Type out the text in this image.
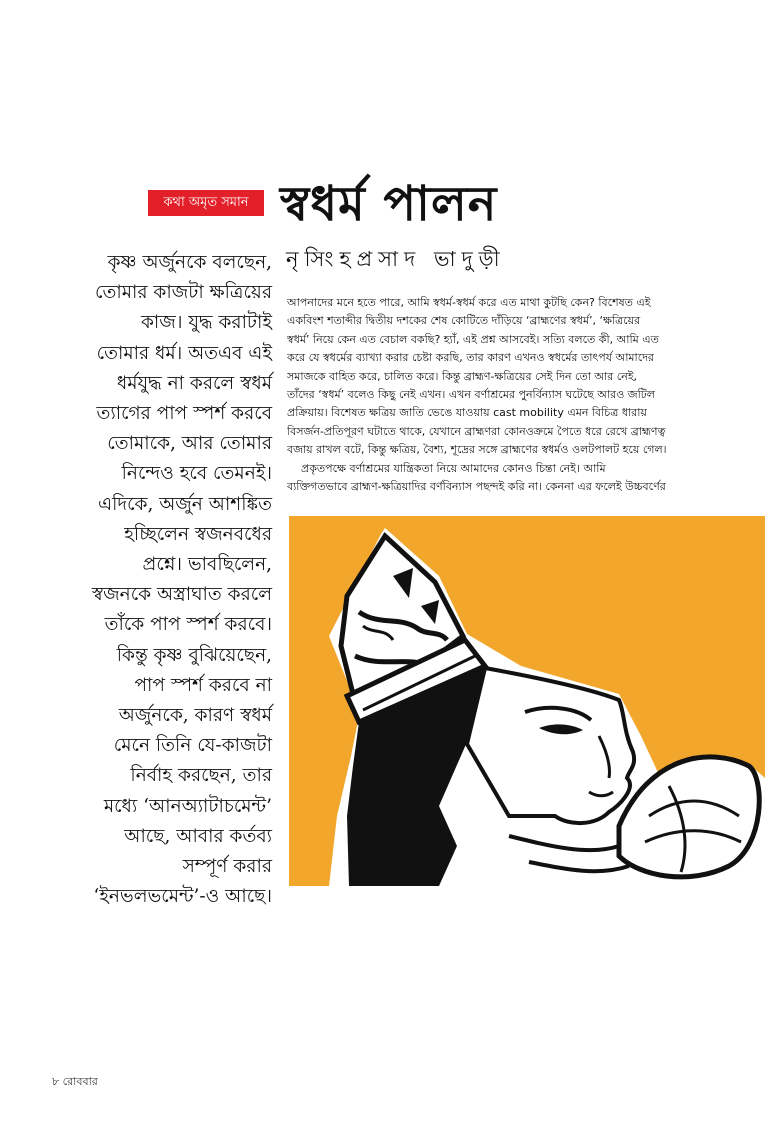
কথা অমৃত সমান স্বধর্ম পালন
নৃসিংহপ্রসাদ ভাদুড়ী
কৃষ্ণ অর্জুনকে বলছেন,
তোমার কাজটা ক্ষত্রিয়ের
কাজ। যুদ্ধ করাটাই
তোমার ধর্ম। অতএব এই
ধর্মযুদ্ধ না করলে স্বধর্ম
ত্যাগের পাপ স্পর্শ করবে
তোমাকে, আর তোমার
নিন্দেও হবে তেমনই।
এদিকে, অর্জুন আশঙ্কিত
হচ্ছিলেন স্বজনবধের
প্রশ্নে। ভাবছিলেন,
স্বজনকে অস্ত্রাঘাত করলে
তাঁকে পাপ স্পর্শ করবে।
কিন্তু কৃষ্ণ বুঝিয়েছেন,
পাপ স্পর্শ করবে না
অর্জুনকে, কারণ স্বধর্ম
মেনে তিনি যে-কাজটা
নির্বাহ করছেন, তার
মধ্যে ‘আনঅ্যাটাচমেন্ট’
আছে, আবার কর্তব্য
সম্পূর্ণ করার
‘ইনভলভমেন্ট’-ও আছে।
আপনাদের মনে হতে পারে, আমি স্বধর্ম-স্বধর্ম করে এত মাথা কুটছি কেন? বিশেষত এই
একবিংশ শতাব্দীর দ্বিতীয় দশকের শেষ কোটিতে দাঁড়িয়ে ‘ব্রাহ্মণের স্বধর্ম’, ‘ক্ষত্রিয়ের
স্বধর্ম’ নিয়ে কেন এত বেচাল বকছি? হ্যাঁ, এই প্রশ্ন আসবেই। সত্যি বলতে কী, আমি এত
করে যে স্বধর্মের ব্যাখ্যা করার চেষ্টা করছি, তার কারণ এখনও স্বধর্মের তাৎপর্য আমাদের
সমাজকে বাহিত করে, চালিত করে। কিন্তু ব্রাহ্মণ-ক্ষত্রিয়ের সেই দিন তো আর নেই,
তাঁদের ‘স্বধর্ম’ বলেও কিছু নেই এখন। এখন বর্ণাশ্রমের পুনর্বিন্যাস ঘটেছে আরও জটিল
প্রক্রিয়ায়। বিশেষত ক্ষত্রিয় জাতি ভেঙে যাওয়ায় cast mobility এমন বিচিত্র ধারায়
বিসর্জন-প্রতিপূরণ ঘটাতে থাকে, যেখানে ব্রাহ্মণরা কোনওক্রমে পৈতে ধরে রেখে ব্রাহ্মণত্ব
বজায় রাখল বটে, কিন্তু ক্ষত্রিয়, বৈশ্য, শূদ্রের সঙ্গে ব্রাহ্মণের স্বধর্মও ওলটপালট হয়ে গেল।
প্রকৃতপক্ষে বর্ণাশ্রমের যান্ত্রিকতা নিয়ে আমাদের কোনও চিন্তা নেই। আমি
ব্যক্তিগতভাবে ব্রাহ্মণ-ক্ষত্রিয়াদির বর্ণবিন্যাস পছন্দই করি না। কেননা এর ফলেই উচ্চবর্ণের
৮ রোববার
